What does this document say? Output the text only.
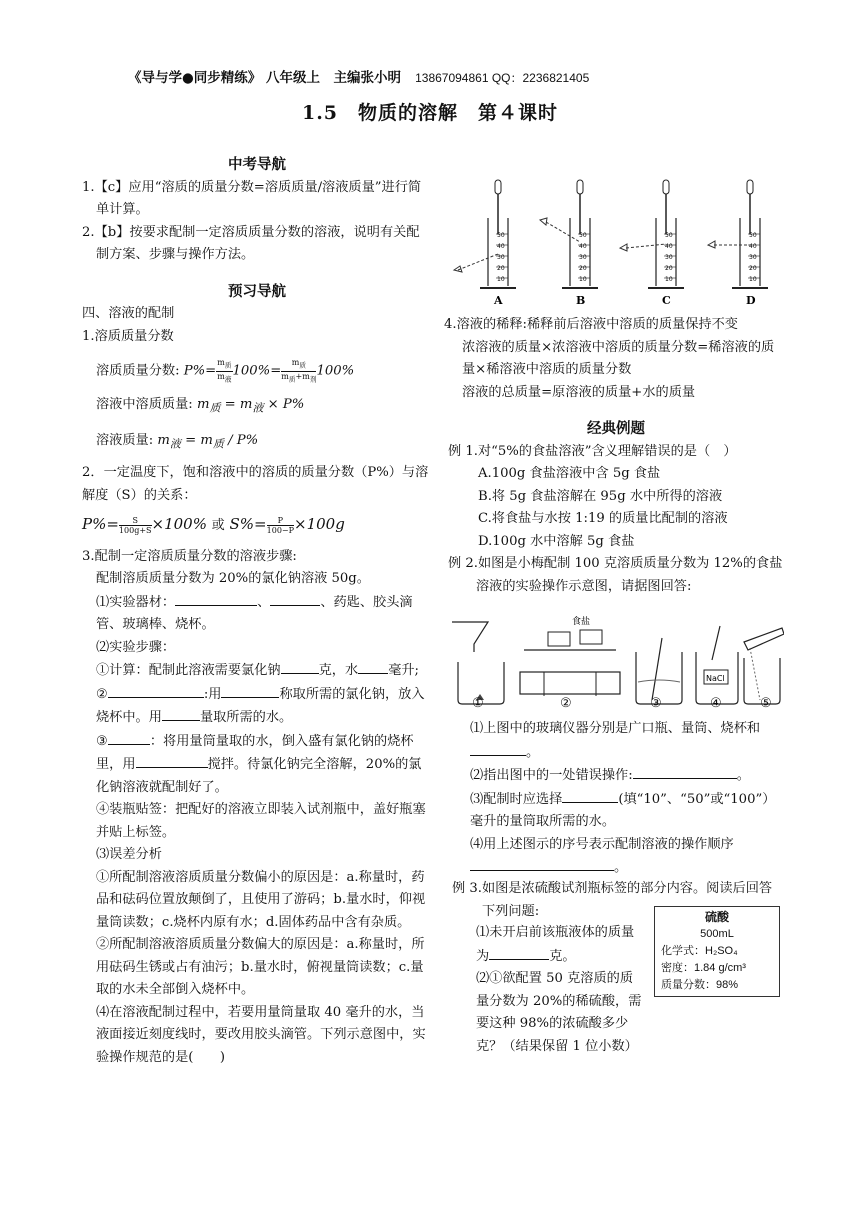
《导与学●同步精练》 八年级上　主编张小明 13867094861 QQ：2236821405
1.5　物质的溶解　第４课时

中考导航

1.【c】应用“溶质的质量分数=溶质质量/溶液质量”进行简单计算。

2.【b】按要求配制一定溶质质量分数的溶液，说明有关配制方案、步骤与操作方法。

预习导航

四、溶液的配制

1.溶质质量分数

溶质质量分数: $P\%= \frac{m_质}{m_液} 100\%= \frac{m_质}{m_质+m_剂} 100\%$

溶液中溶质质量: $m_质 = m_液 \times P\%$

溶液质量: $m_液 = m_质 / P\%$

2．一定温度下，饱和溶液中的溶质的质量分数（P%）与溶解度（S）的关系：

$P\%= \frac{S}{100g+S} \times 100\%$ 或 $S\%= \frac{P}{100-P} \times 100g$

3.配制一定溶质质量分数的溶液步骤:

配制溶质质量分数为 20%的氯化钠溶液 50g。

⑴实验器材：	、	、药匙、胶头滴管、玻璃棒、烧杯。

⑵实验步骤：

①计算：配制此溶液需要氯化钠	克，水 毫升;

②	:用	称取所需的氯化钠，放入烧杯中。用	量取所需的水。

③	：将用量筒量取的水，倒入盛有氯化钠的烧杯里，用	搅拌。待氯化钠完全溶解，20%的氯化钠溶液就配制好了。

④装瓶贴签：把配好的溶液立即装入试剂瓶中，盖好瓶塞并贴上标签。

⑶误差分析

①所配制溶液溶质质量分数偏小的原因是：a.称量时，药品和砝码位置放颠倒了，且使用了游码；b.量水时，仰视量筒读数；c.烧杯内原有水；d.固体药品中含有杂质。

②所配制溶液溶质质量分数偏大的原因是：a.称量时，所用砝码生锈或占有油污；b.量水时，俯视量筒读数；c.量取的水未全部倒入烧杯中。

⑷在溶液配制过程中，若要用量筒量取 40 毫升的水，当液面接近刻度线时，要改用胶头滴管。下列示意图中，实验操作规范的是(　　)

50
40
30
20
10
A
50
40
30
20
10
B
50
40
30
20
10
C
50
40
30
20
10
D

4.溶液的稀释:稀释前后溶液中溶质的质量保持不变

浓溶液的质量×浓溶液中溶质的质量分数=稀溶液的质量×稀溶液中溶质的质量分数

溶液的总质量=原溶液的质量+水的质量

经典例题

例 1.对“5%的食盐溶液”含义理解错误的是（　）

A.100g 食盐溶液中含 5g 食盐

B.将 5g 食盐溶解在 95g 水中所得的溶液

C.将食盐与水按 1:19 的质量比配制的溶液

D.100g 水中溶解 5g 食盐

例 2.如图是小梅配制 100 克溶质质量分数为 12%的食盐溶液的实验操作示意图，请据图回答:

食盐
NaCl
①	②	③	④	⑤

⑴上图中的玻璃仪器分别是广口瓶、量筒、烧杯和。

⑵指出图中的一处错误操作:	。

⑶配制时应选择	(填“10”、“50”或“100”）毫升的量筒取所需的水。

⑷用上述图示的序号表示配制溶液的操作顺序
。

例 3.如图是浓硫酸试剂瓶标签的部分内容。阅读后回答下列问题:

⑴未开启前该瓶液体的质量为	克。

⑵①欲配置 50 克溶质的质量分数为 20%的稀硫酸，需要这种 98%的浓硫酸多少克？（结果保留 1 位小数）

硫酸
500mL
化学式：H₂SO₄
密度：1.84 g/cm³
质量分数：98%
